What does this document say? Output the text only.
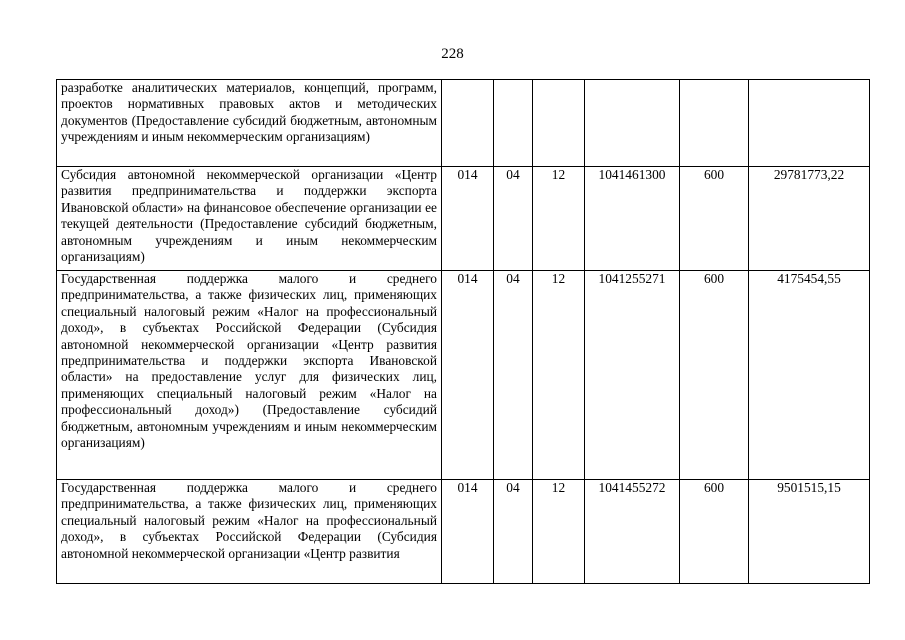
228
разработке аналитических материалов, концепций, программ, проектов нормативных правовых актов и методических документов (Предоставление субсидий бюджетным, автономным учреждениям и иным некоммерческим организациям)						
Субсидия автономной некоммерческой организации «Центр развития предпринимательства и поддержки экспорта Ивановской области» на финансовое обеспечение организации ее текущей деятельности (Предоставление субсидий бюджетным, автономным учреждениям и иным некоммерческим организациям)	014	04	12	1041461300	600	29781773,22
Государственная поддержка малого и среднего предпринимательства, а также физических лиц, применяющих специальный налоговый режим «Налог на профессиональный доход», в субъектах Российской Федерации (Субсидия автономной некоммерческой организации «Центр развития предпринимательства и поддержки экспорта Ивановской области» на предоставление услуг для физических лиц, применяющих специальный налоговый режим «Налог на профессиональный доход») (Предоставление субсидий бюджетным, автономным учреждениям и иным некоммерческим организациям)	014	04	12	1041255271	600	4175454,55
Государственная поддержка малого и среднего предпринимательства, а также физических лиц, применяющих специальный налоговый режим «Налог на профессиональный доход», в субъектах Российской Федерации (Субсидия автономной некоммерческой организации «Центр развития	014	04	12	1041455272	600	9501515,15
